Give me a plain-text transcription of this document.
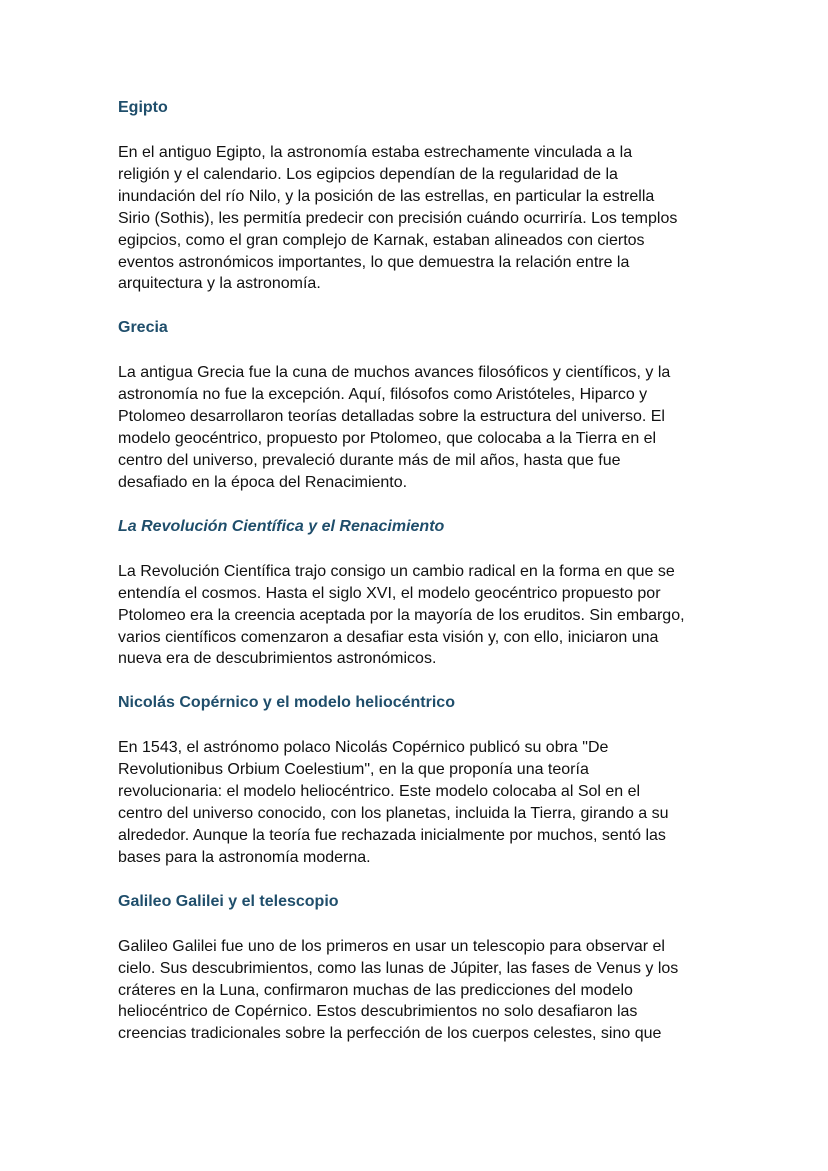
Egipto
En el antiguo Egipto, la astronomía estaba estrechamente vinculada a la
religión y el calendario. Los egipcios dependían de la regularidad de la
inundación del río Nilo, y la posición de las estrellas, en particular la estrella
Sirio (Sothis), les permitía predecir con precisión cuándo ocurriría. Los templos
egipcios, como el gran complejo de Karnak, estaban alineados con ciertos
eventos astronómicos importantes, lo que demuestra la relación entre la
arquitectura y la astronomía.
Grecia
La antigua Grecia fue la cuna de muchos avances filosóficos y científicos, y la
astronomía no fue la excepción. Aquí, filósofos como Aristóteles, Hiparco y
Ptolomeo desarrollaron teorías detalladas sobre la estructura del universo. El
modelo geocéntrico, propuesto por Ptolomeo, que colocaba a la Tierra en el
centro del universo, prevaleció durante más de mil años, hasta que fue
desafiado en la época del Renacimiento.
La Revolución Científica y el Renacimiento
La Revolución Científica trajo consigo un cambio radical en la forma en que se
entendía el cosmos. Hasta el siglo XVI, el modelo geocéntrico propuesto por
Ptolomeo era la creencia aceptada por la mayoría de los eruditos. Sin embargo,
varios científicos comenzaron a desafiar esta visión y, con ello, iniciaron una
nueva era de descubrimientos astronómicos.
Nicolás Copérnico y el modelo heliocéntrico
En 1543, el astrónomo polaco Nicolás Copérnico publicó su obra "De
Revolutionibus Orbium Coelestium", en la que proponía una teoría
revolucionaria: el modelo heliocéntrico. Este modelo colocaba al Sol en el
centro del universo conocido, con los planetas, incluida la Tierra, girando a su
alrededor. Aunque la teoría fue rechazada inicialmente por muchos, sentó las
bases para la astronomía moderna.
Galileo Galilei y el telescopio
Galileo Galilei fue uno de los primeros en usar un telescopio para observar el
cielo. Sus descubrimientos, como las lunas de Júpiter, las fases de Venus y los
cráteres en la Luna, confirmaron muchas de las predicciones del modelo
heliocéntrico de Copérnico. Estos descubrimientos no solo desafiaron las
creencias tradicionales sobre la perfección de los cuerpos celestes, sino que
